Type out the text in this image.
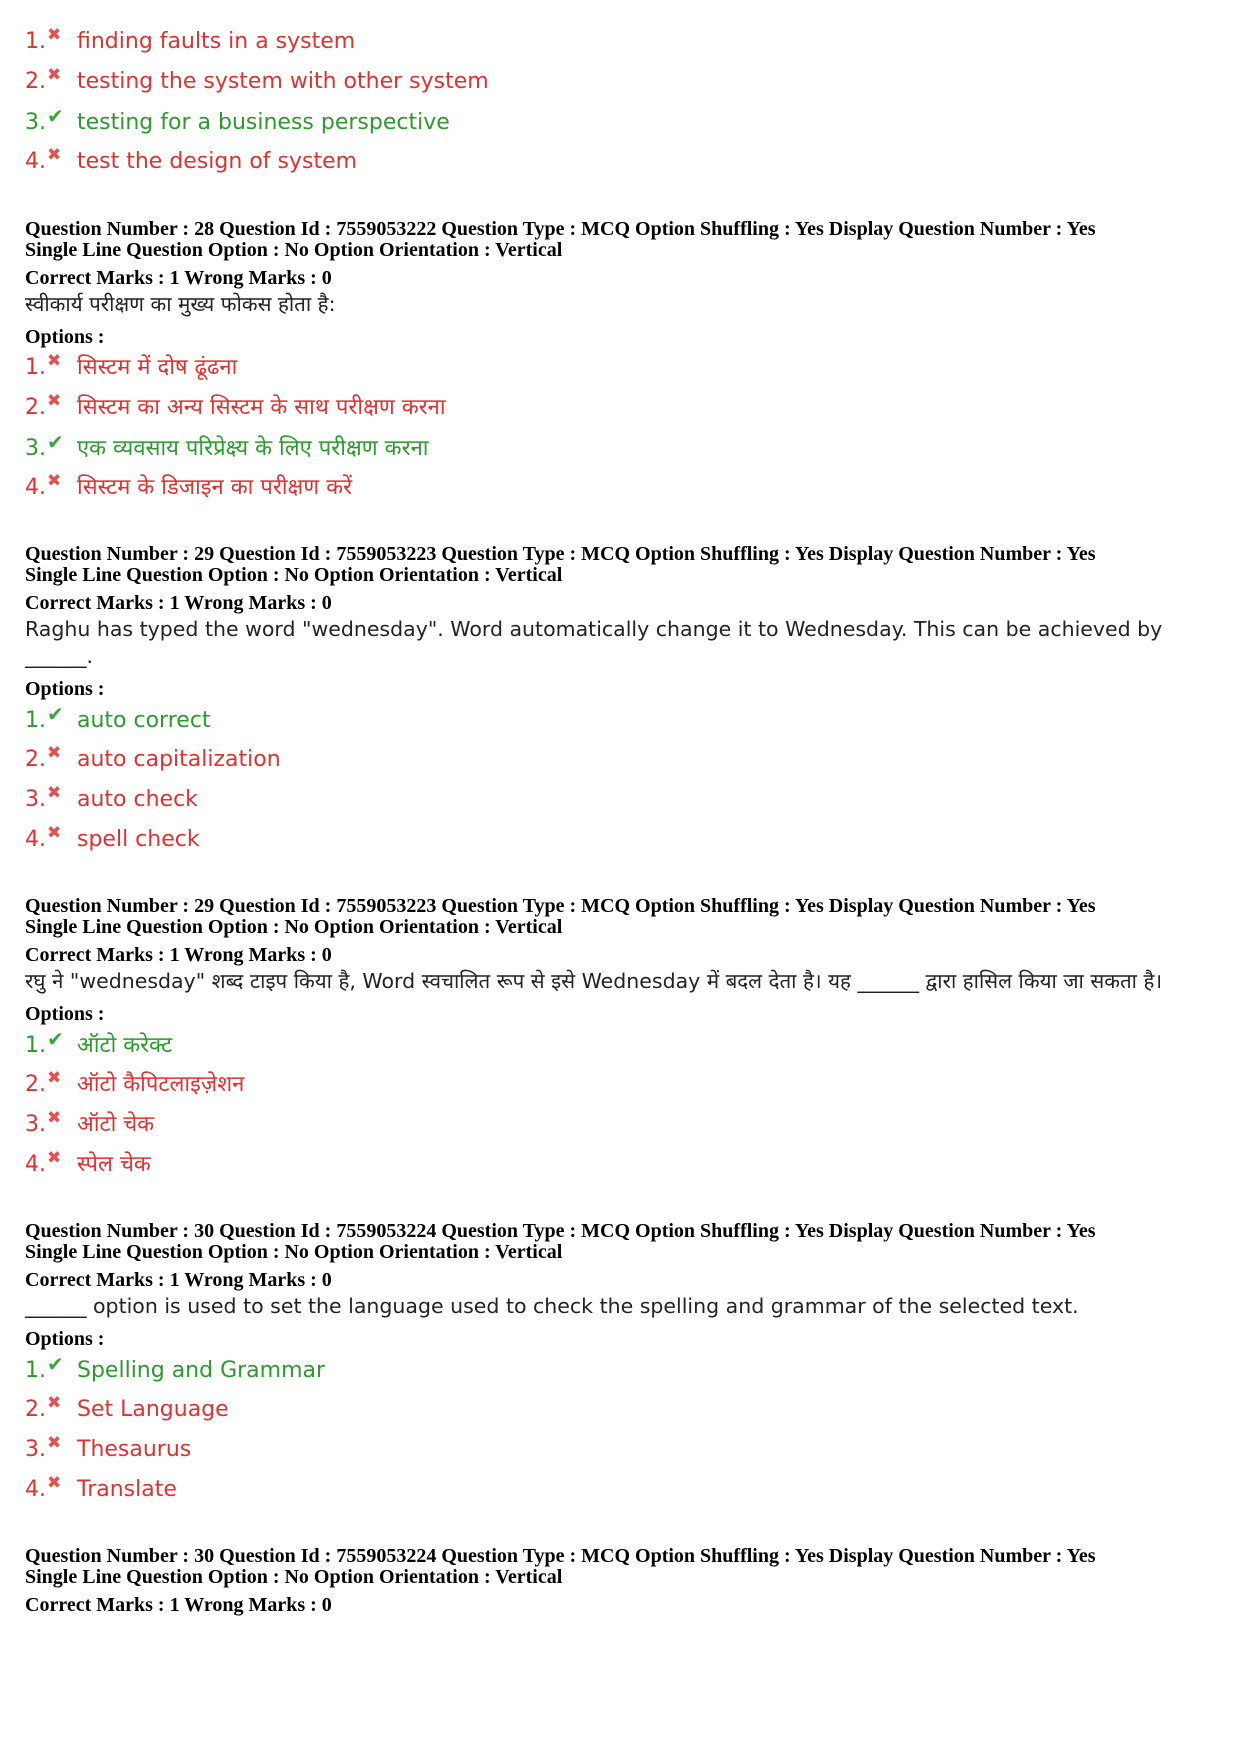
1. ✖ finding faults in a system
2. ✖ testing the system with other system
3. ✔ testing for a business perspective
4. ✖ test the design of system
Question Number : 28 Question Id : 7559053222 Question Type : MCQ Option Shuffling : Yes Display Question Number : Yes
Single Line Question Option : No Option Orientation : Vertical
Correct Marks : 1 Wrong Marks : 0
स्वीकार्य परीक्षण का मुख्य फोकस होता है:
Options :
1. ✖ सिस्टम में दोष ढूंढना
2. ✖ सिस्टम का अन्य सिस्टम के साथ परीक्षण करना
3. ✔ एक व्यवसाय परिप्रेक्ष्य के लिए परीक्षण करना
4. ✖ सिस्टम के डिजाइन का परीक्षण करें
Question Number : 29 Question Id : 7559053223 Question Type : MCQ Option Shuffling : Yes Display Question Number : Yes
Single Line Question Option : No Option Orientation : Vertical
Correct Marks : 1 Wrong Marks : 0
Raghu has typed the word "wednesday". Word automatically change it to Wednesday. This can be achieved by ______.
Options :
1. ✔ auto correct
2. ✖ auto capitalization
3. ✖ auto check
4. ✖ spell check
Question Number : 29 Question Id : 7559053223 Question Type : MCQ Option Shuffling : Yes Display Question Number : Yes
Single Line Question Option : No Option Orientation : Vertical
Correct Marks : 1 Wrong Marks : 0
रघु ने "wednesday" शब्द टाइप किया है, Word स्वचालित रूप से इसे Wednesday में बदल देता है। यह ______ द्वारा हासिल किया जा सकता है।
Options :
1. ✔ ऑटो करेक्ट
2. ✖ ऑटो कैपिटलाइज़ेशन
3. ✖ ऑटो चेक
4. ✖ स्पेल चेक
Question Number : 30 Question Id : 7559053224 Question Type : MCQ Option Shuffling : Yes Display Question Number : Yes
Single Line Question Option : No Option Orientation : Vertical
Correct Marks : 1 Wrong Marks : 0
______ option is used to set the language used to check the spelling and grammar of the selected text.
Options :
1. ✔ Spelling and Grammar
2. ✖ Set Language
3. ✖ Thesaurus
4. ✖ Translate
Question Number : 30 Question Id : 7559053224 Question Type : MCQ Option Shuffling : Yes Display Question Number : Yes
Single Line Question Option : No Option Orientation : Vertical
Correct Marks : 1 Wrong Marks : 0
